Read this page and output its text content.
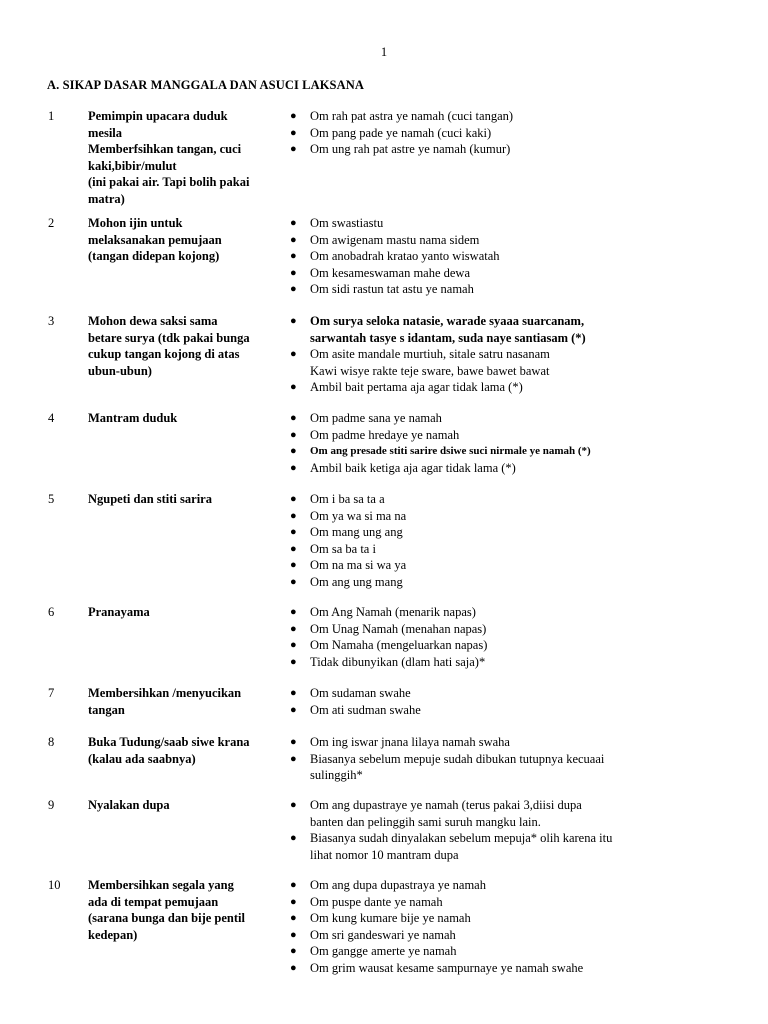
1
A. SIKAP DASAR MANGGALA DAN ASUCI LAKSANA
1	Pemimpin upacara duduk
mesila
Memberfsihkan tangan, cuci
kaki,bibir/mulut
(ini pakai air. Tapi bolih pakai
matra)
● Om rah pat astra ye namah (cuci tangan)
● Om pang pade ye namah (cuci kaki)
● Om ung rah pat astre ye namah (kumur)
2	Mohon ijin untuk
melaksanakan pemujaan
(tangan didepan kojong)
● Om swastiastu
● Om awigenam mastu nama sidem
● Om anobadrah kratao yanto wiswatah
● Om kesameswaman mahe dewa
● Om sidi rastun tat astu ye namah
3	Mohon dewa saksi sama
betare surya (tdk pakai bunga
cukup tangan kojong di atas
ubun-ubun)
● Om surya seloka natasie, warade syaaa suarcanam,
sarwantah tasye s idantam, suda naye santiasam (*)
● Om asite mandale murtiuh, sitale satru nasanam
Kawi wisye rakte teje sware, bawe bawet bawat
● Ambil bait pertama aja agar tidak lama (*)
4	Mantram duduk	● Om padme sana ye namah
● Om padme hredaye ye namah
● Om ang presade stiti sarire dsiwe suci nirmale ye namah (*)
● Ambil baik ketiga aja agar tidak lama (*)
5	Ngupeti dan stiti sarira	● Om i ba sa ta a
● Om ya wa si ma na
● Om mang ung ang
● Om sa ba ta i
● Om na ma si wa ya
● Om ang ung mang
6	Pranayama	● Om Ang Namah (menarik napas)
● Om Unag Namah (menahan napas)
● Om Namaha (mengeluarkan napas)
● Tidak dibunyikan (dlam hati saja)*
7	Membersihkan /menyucikan
tangan
● Om sudaman swahe
● Om ati sudman swahe
8	Buka Tudung/saab siwe krana
(kalau ada saabnya)
● Om ing iswar jnana lilaya namah swaha
● Biasanya sebelum mepuje sudah dibukan tutupnya kecuaai
sulinggih*
9	Nyalakan dupa	● Om ang dupastraye ye namah (terus pakai 3,diisi dupa
banten dan pelinggih sami suruh mangku lain.
● Biasanya sudah dinyalakan sebelum mepuja* olih karena itu
lihat nomor 10 mantram dupa
10 Membersihkan segala yang
ada di tempat pemujaan
(sarana bunga dan bije pentil
kedepan)
● Om ang dupa dupastraya ye namah
● Om puspe dante ye namah
● Om kung kumare bije ye namah
● Om sri gandeswari ye namah
● Om gangge amerte ye namah
● Om grim wausat kesame sampurnaye ye namah swahe
